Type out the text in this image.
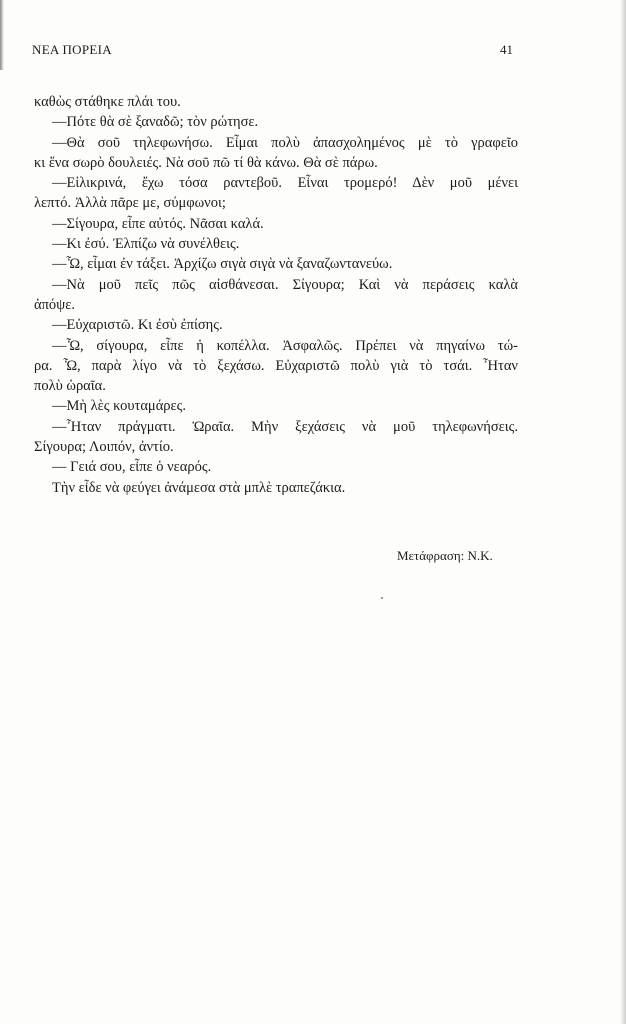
ΝΕΑ ΠΟΡΕΙΑ	41
καθὼς στάθηκε πλάι του.
—Πότε θὰ σὲ ξαναδῶ; τὸν ρώτησε.
—Θὰ σοῦ τηλεφωνήσω. Εἶμαι πολὺ ἀπασχολημένος μὲ τὸ γραφεῖο
κι ἕνα σωρὸ δουλειές. Νὰ σοῦ πῶ τί θὰ κάνω. Θὰ σὲ πάρω.
—Εἰλικρινά, ἔχω τόσα ραντεβοῦ. Εἶναι τρομερό! Δὲν μοῦ μένει
λεπτό. Ἀλλὰ πᾶρε με, σύμφωνοι;
—Σίγουρα, εἶπε αὐτός. Νᾶσαι καλά.
—Κι ἐσύ. Ἐλπίζω νὰ συνέλθεις.
—Ὦ, εἶμαι ἐν τάξει. Ἀρχίζω σιγὰ σιγὰ νὰ ξαναζωντανεύω.
—Νὰ μοῦ πεῖς πῶς αἰσθάνεσαι. Σίγουρα; Καὶ νὰ περάσεις καλὰ
ἀπόψε.
—Εὐχαριστῶ. Κι ἐσὺ ἐπίσης.
—Ὦ, σίγουρα, εἶπε ἡ κοπέλλα. Ἀσφαλῶς. Πρέπει νὰ πηγαίνω τώ-
ρα. Ὦ, παρὰ λίγο νὰ τὸ ξεχάσω. Εὐχαριστῶ πολὺ γιὰ τὸ τσάι. Ἦταν
πολὺ ὡραῖα.
—Μὴ λὲς κουταμάρες.
—Ἦταν πράγματι. Ὡραῖα. Μὴν ξεχάσεις νὰ μοῦ τηλεφωνήσεις.
Σίγουρα; Λοιπόν, ἀντίο.
— Γειά σου, εἶπε ὁ νεαρός.
Τὴν εἶδε νὰ φεύγει ἀνάμεσα στὰ μπλὲ τραπεζάκια.
Μετάφραση: Ν.Κ.
